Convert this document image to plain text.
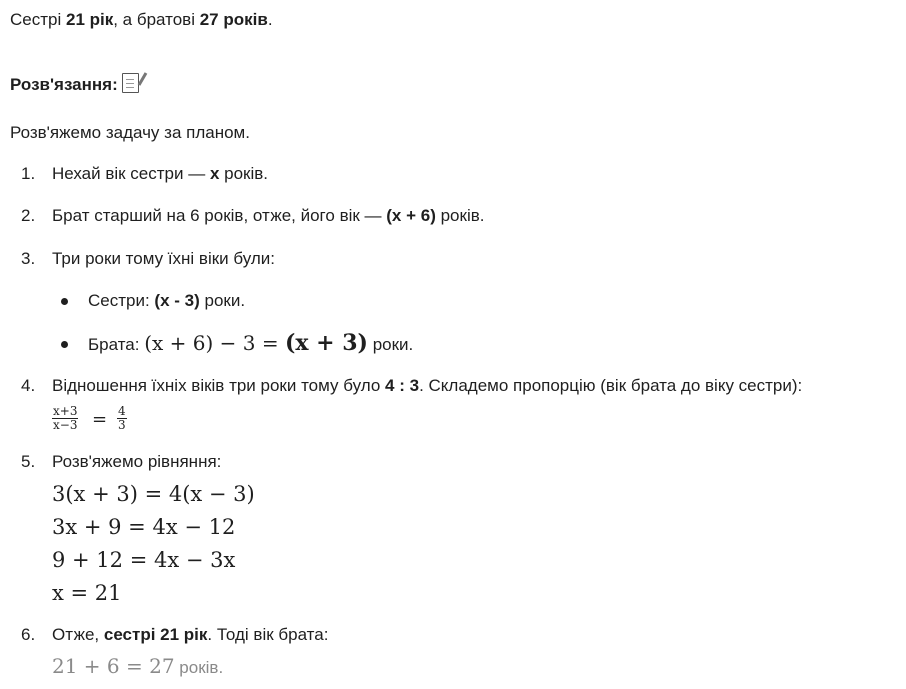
Сестрі 21 рік, а братові 27 років.
Розв'язання:
Розв'яжемо задачу за планом.
1. Нехай вік сестри — x років.
2. Брат старший на 6 років, отже, його вік — (x + 6) років.
3. Три роки тому їхні віки були:
Сестри: (x - 3) роки.
Брата: (x + 6) − 3 = (x + 3) роки.
4. Відношення їхніх віків три роки тому було 4 : 3. Складемо пропорцію (вік брата до віку сестри):
$\frac{x+3}{x-3} = \frac{4}{3}$
5. Розв'яжемо рівняння:
3(x + 3) = 4(x − 3)
3x + 9 = 4x − 12
9 + 12 = 4x − 3x
x = 21
6. Отже, сестрі 21 рік. Тоді вік брата:
21 + 6 = 27 років.
